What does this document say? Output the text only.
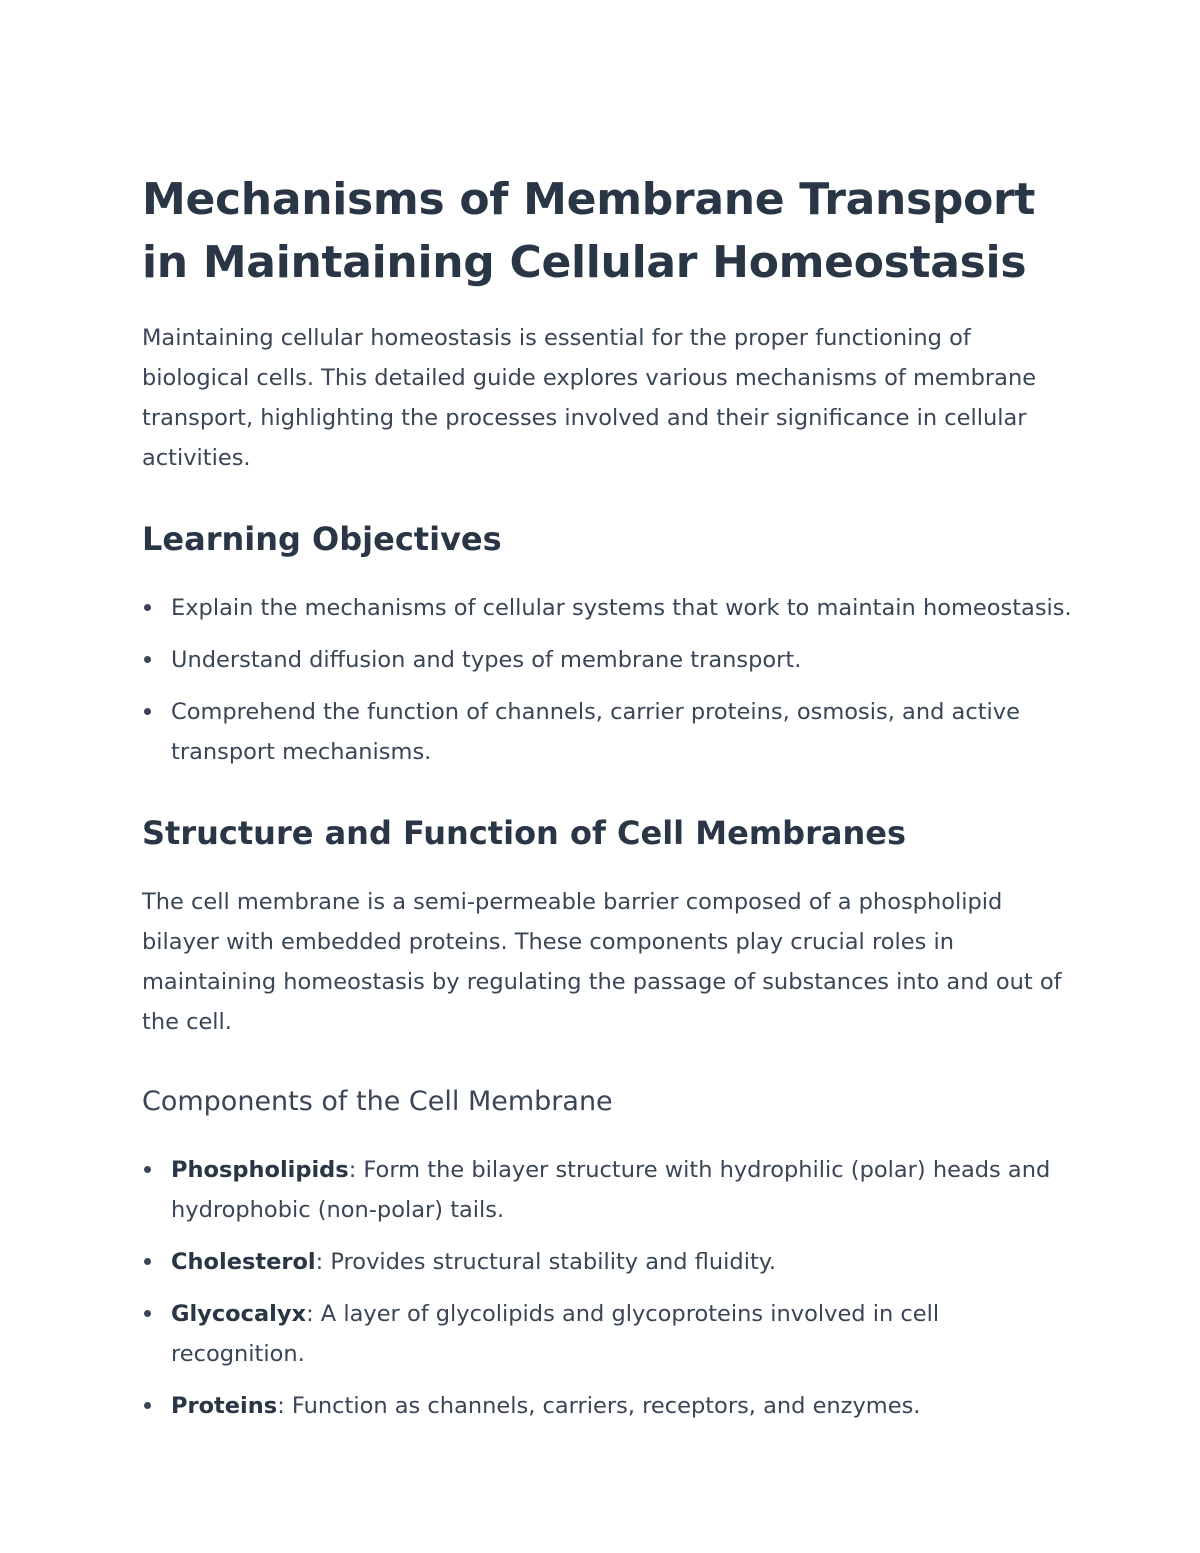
Mechanisms of Membrane Transport in Maintaining Cellular Homeostasis

Maintaining cellular homeostasis is essential for the proper functioning of biological cells. This detailed guide explores various mechanisms of membrane transport, highlighting the processes involved and their significance in cellular activities.

Learning Objectives
Explain the mechanisms of cellular systems that work to maintain homeostasis.
Understand diffusion and types of membrane transport.
Comprehend the function of channels, carrier proteins, osmosis, and active transport mechanisms.
Structure and Function of Cell Membranes

The cell membrane is a semi-permeable barrier composed of a phospholipid bilayer with embedded proteins. These components play crucial roles in maintaining homeostasis by regulating the passage of substances into and out of the cell.

Components of the Cell Membrane
Phospholipids: Form the bilayer structure with hydrophilic (polar) heads and hydrophobic (non-polar) tails.
Cholesterol: Provides structural stability and fluidity.
Glycocalyx: A layer of glycolipids and glycoproteins involved in cell recognition.
Proteins: Function as channels, carriers, receptors, and enzymes.
